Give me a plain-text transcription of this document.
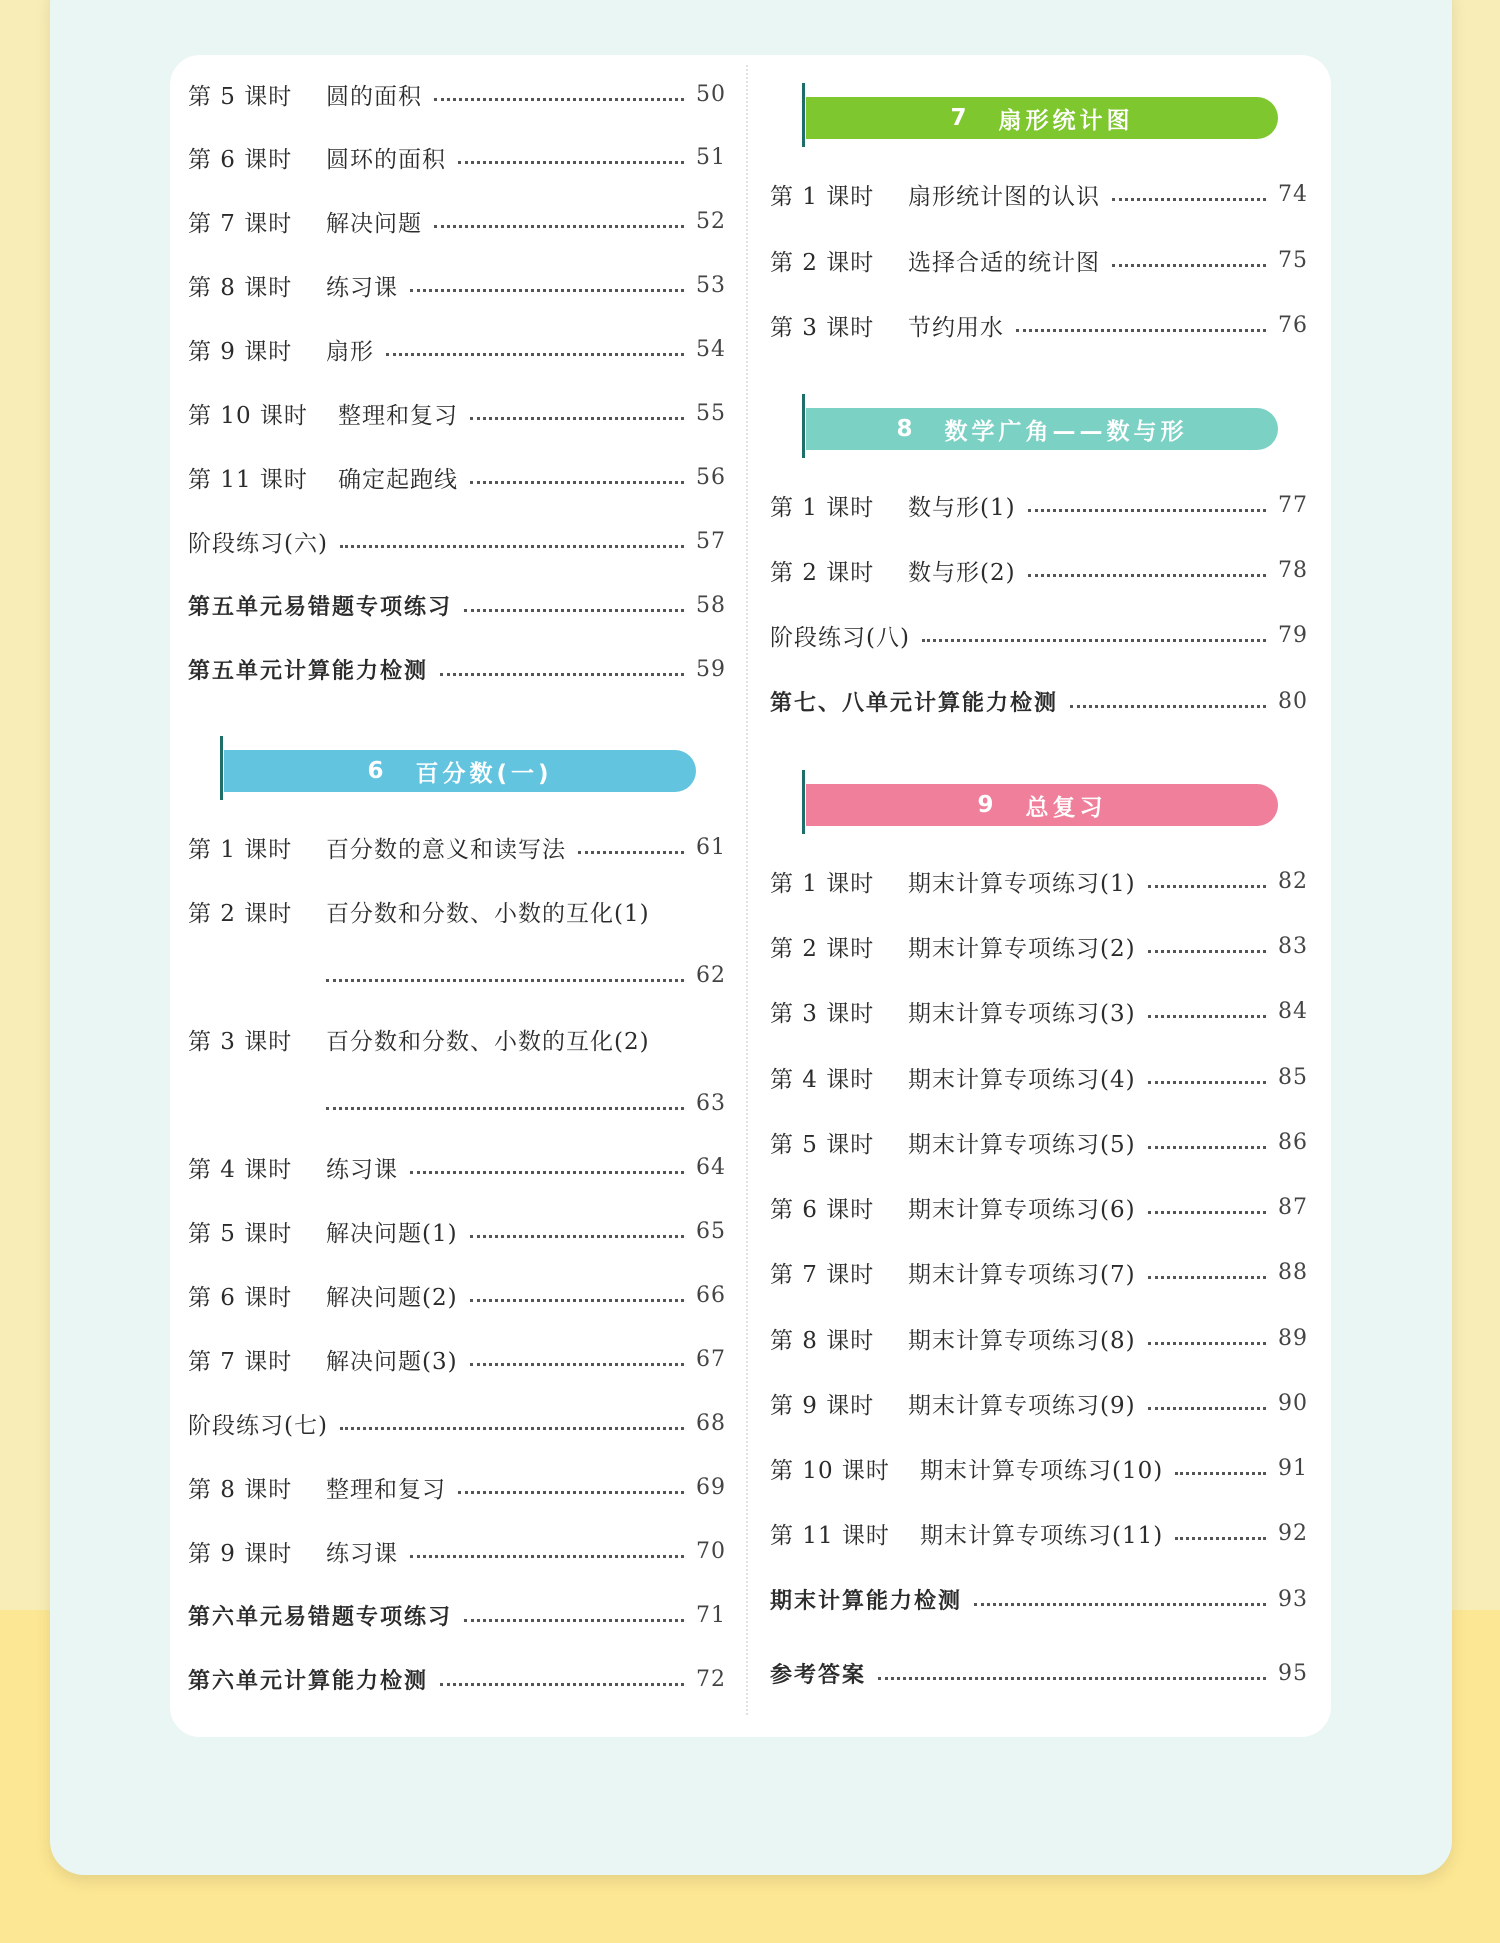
第 5 课时	圆的面积	50
第 6 课时	圆环的面积	51
第 7 课时	解决问题	52
第 8 课时	练习课	53
第 9 课时	扇形	54
第 10 课时	整理和复习	55
第 11 课时	确定起跑线	56
阶段练习(六)	57
第五单元易错题专项练习	58
第五单元计算能力检测	59
6 百分数(一)
第 1 课时	百分数的意义和读写法	61
第 2 课时	百分数和分数、小数的互化(1)
62
第 3 课时	百分数和分数、小数的互化(2)
63
第 4 课时	练习课	64
第 5 课时	解决问题(1)	65
第 6 课时	解决问题(2)	66
第 7 课时	解决问题(3)	67
阶段练习(七)	68
第 8 课时	整理和复习	69
第 9 课时	练习课	70
第六单元易错题专项练习	71
第六单元计算能力检测	72
7 扇形统计图
第 1 课时	扇形统计图的认识	74
第 2 课时	选择合适的统计图	75
第 3 课时	节约用水	76
8 数学广角——数与形
第 1 课时	数与形(1)	77
第 2 课时	数与形(2)	78
阶段练习(八)	79
第七、八单元计算能力检测	80
9 总复习
第 1 课时	期末计算专项练习(1)	82
第 2 课时	期末计算专项练习(2)	83
第 3 课时	期末计算专项练习(3)	84
第 4 课时	期末计算专项练习(4)	85
第 5 课时	期末计算专项练习(5)	86
第 6 课时	期末计算专项练习(6)	87
第 7 课时	期末计算专项练习(7)	88
第 8 课时	期末计算专项练习(8)	89
第 9 课时	期末计算专项练习(9)	90
第 10 课时	期末计算专项练习(10)	91
第 11 课时	期末计算专项练习(11)	92
期末计算能力检测	93
参考答案	95
